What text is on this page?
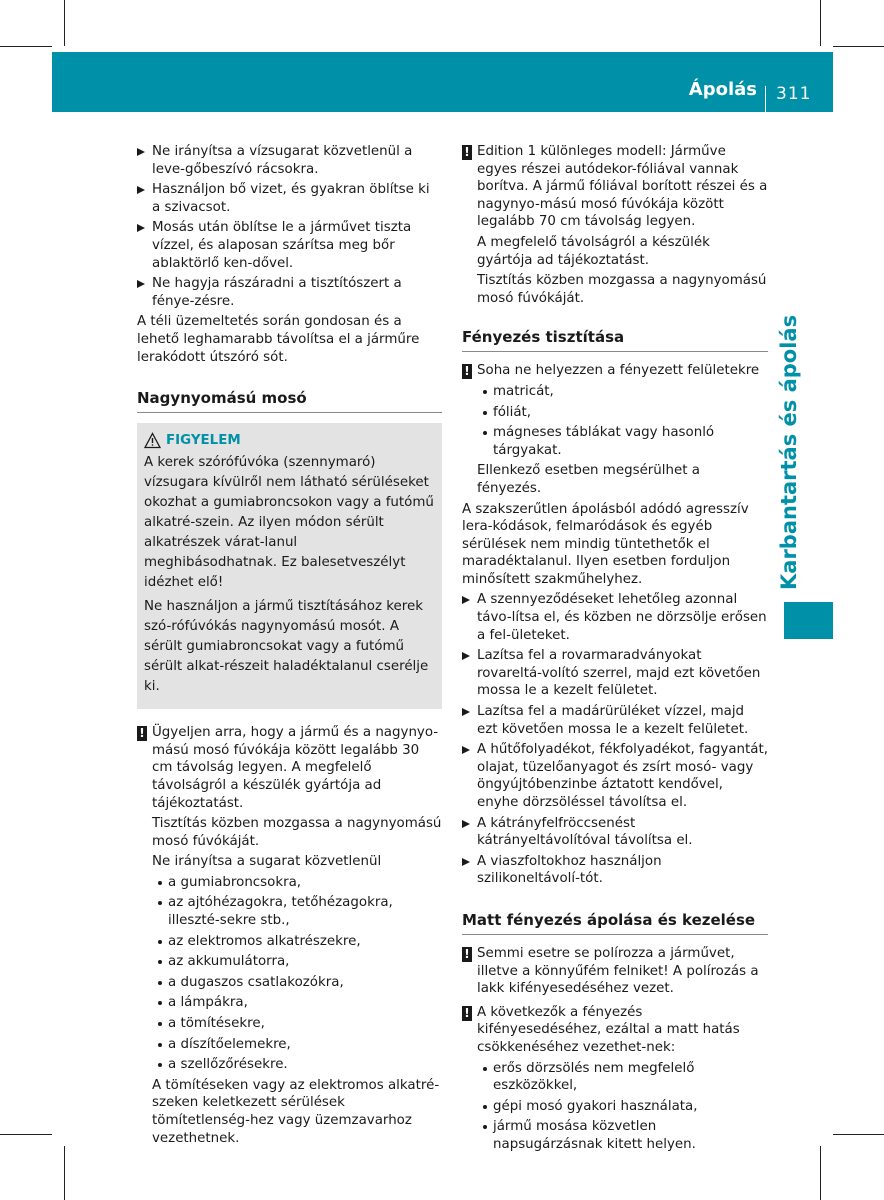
Ápolás 311
Karbantartás és ápolás
Ne irányítsa a vízsugarat közvetlenül a leve-gőbeszívó rácsokra.
Használjon bő vizet, és gyakran öblítse ki a szivacsot.
Mosás után öblítse le a járművet tiszta vízzel, és alaposan szárítsa meg bőr ablaktörlő ken-dővel.
Ne hagyja rászáradni a tisztítószert a fénye-zésre.

A téli üzemeltetés során gondosan és a lehető leghamarabb távolítsa el a járműre lerakódott útszóró sót.

Nagynyomású mosó
FIGYELEM

A kerek szórófúvóka (szennymaró) vízsugara kívülről nem látható sérüléseket okozhat a gumiabroncsokon vagy a futómű alkatré-szein. Az ilyen módon sérült alkatrészek várat-lanul meghibásodhatnak. Ez balesetveszélyt idézhet elő!

Ne használjon a jármű tisztításához kerek szó-rófúvókás nagynyomású mosót. A sérült gumiabroncsokat vagy a futómű sérült alkat-részeit haladéktalanul cserélje ki.

! Ügyeljen arra, hogy a jármű és a nagynyo-mású mosó fúvókája között legalább 30 cm távolság legyen. A megfelelő távolságról a készülék gyártója ad tájékoztatást.

Tisztítás közben mozgassa a nagynyomású mosó fúvókáját.

Ne irányítsa a sugarat közvetlenül

a gumiabroncsokra,
az ajtóhézagokra, tetőhézagokra, illeszté-sekre stb.,
az elektromos alkatrészekre,
az akkumulátorra,
a dugaszos csatlakozókra,
a lámpákra,
a tömítésekre,
a díszítőelemekre,
a szellőzőrésekre.

A tömítéseken vagy az elektromos alkatré-szeken keletkezett sérülések tömítetlenség-hez vagy üzemzavarhoz vezethetnek.

! Edition 1 különleges modell: Járműve egyes részei autódekor-fóliával vannak borítva. A jármű fóliával borított részei és a nagynyo-mású mosó fúvókája között legalább 70 cm távolság legyen.

A megfelelő távolságról a készülék gyártója ad tájékoztatást.

Tisztítás közben mozgassa a nagynyomású mosó fúvókáját.

Fényezés tisztítása
! Soha ne helyezzen a fényezett felületekre

matricát,
fóliát,
mágneses táblákat vagy hasonló tárgyakat.

Ellenkező esetben megsérülhet a fényezés.

A szakszerűtlen ápolásból adódó agresszív lera-kódások, felmaródások és egyéb sérülések nem mindig tüntethetők el maradéktalanul. Ilyen esetben forduljon minősített szakműhelyhez.

A szennyeződéseket lehetőleg azonnal távo-lítsa el, és közben ne dörzsölje erősen a fel-ületeket.
Lazítsa fel a rovarmaradványokat rovareltá-volító szerrel, majd ezt követően mossa le a kezelt felületet.
Lazítsa fel a madárürüléket vízzel, majd ezt követően mossa le a kezelt felületet.
A hűtőfolyadékot, fékfolyadékot, fagyantát, olajat, tüzelőanyagot és zsírt mosó- vagy öngyújtóbenzinbe áztatott kendővel, enyhe dörzsöléssel távolítsa el.
A kátrányfelfröccsenést kátrányeltávolítóval távolítsa el.
A viaszfoltokhoz használjon szilikoneltávolí-tót.
Matt fényezés ápolása és kezelése
! Semmi esetre se polírozza a járművet, illetve a könnyűfém felniket! A polírozás a lakk kifényesedéséhez vezet.

! A következők a fényezés kifényesedéséhez, ezáltal a matt hatás csökkenéséhez vezethet-nek:

erős dörzsölés nem megfelelő eszközökkel,
gépi mosó gyakori használata,
jármű mosása közvetlen napsugárzásnak kitett helyen.
